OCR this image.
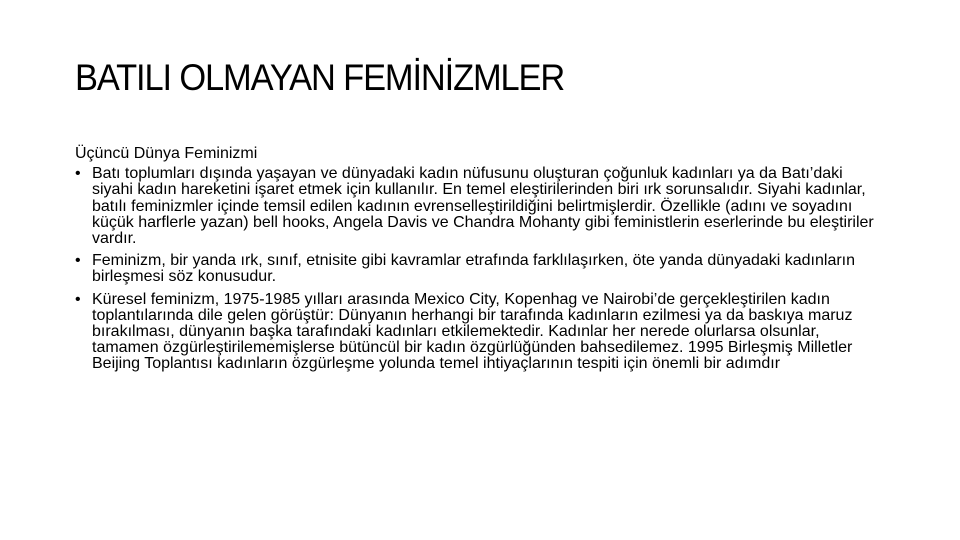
BATILI OLMAYAN FEMİNİZMLER
Üçüncü Dünya Feminizmi
• Batı toplumları dışında yaşayan ve dünyadaki kadın nüfusunu oluşturan çoğunluk kadınları ya da Batı’daki siyahi kadın hareketini işaret etmek için kullanılır. En temel eleştirilerinden biri ırk sorunsalıdır. Siyahi kadınlar, batılı feminizmler içinde temsil edilen kadının evrenselleştirildiğini belirtmişlerdir. Özellikle (adını ve soyadını küçük harflerle yazan) bell hooks, Angela Davis ve Chandra Mohanty gibi feministlerin eserlerinde bu eleştiriler vardır.
• Feminizm, bir yanda ırk, sınıf, etnisite gibi kavramlar etrafında farklılaşırken, öte yanda dünyadaki kadınların birleşmesi söz konusudur.
• Küresel feminizm, 1975-1985 yılları arasında Mexico City, Kopenhag ve Nairobi’de gerçekleştirilen kadın toplantılarında dile gelen görüştür: Dünyanın herhangi bir tarafında kadınların ezilmesi ya da baskıya maruz bırakılması, dünyanın başka tarafındaki kadınları etkilemektedir. Kadınlar her nerede olurlarsa olsunlar, tamamen özgürleştirilememişlerse bütüncül bir kadın özgürlüğünden bahsedilemez. 1995 Birleşmiş Milletler Beijing Toplantısı kadınların özgürleşme yolunda temel ihtiyaçlarının tespiti için önemli bir adımdır
